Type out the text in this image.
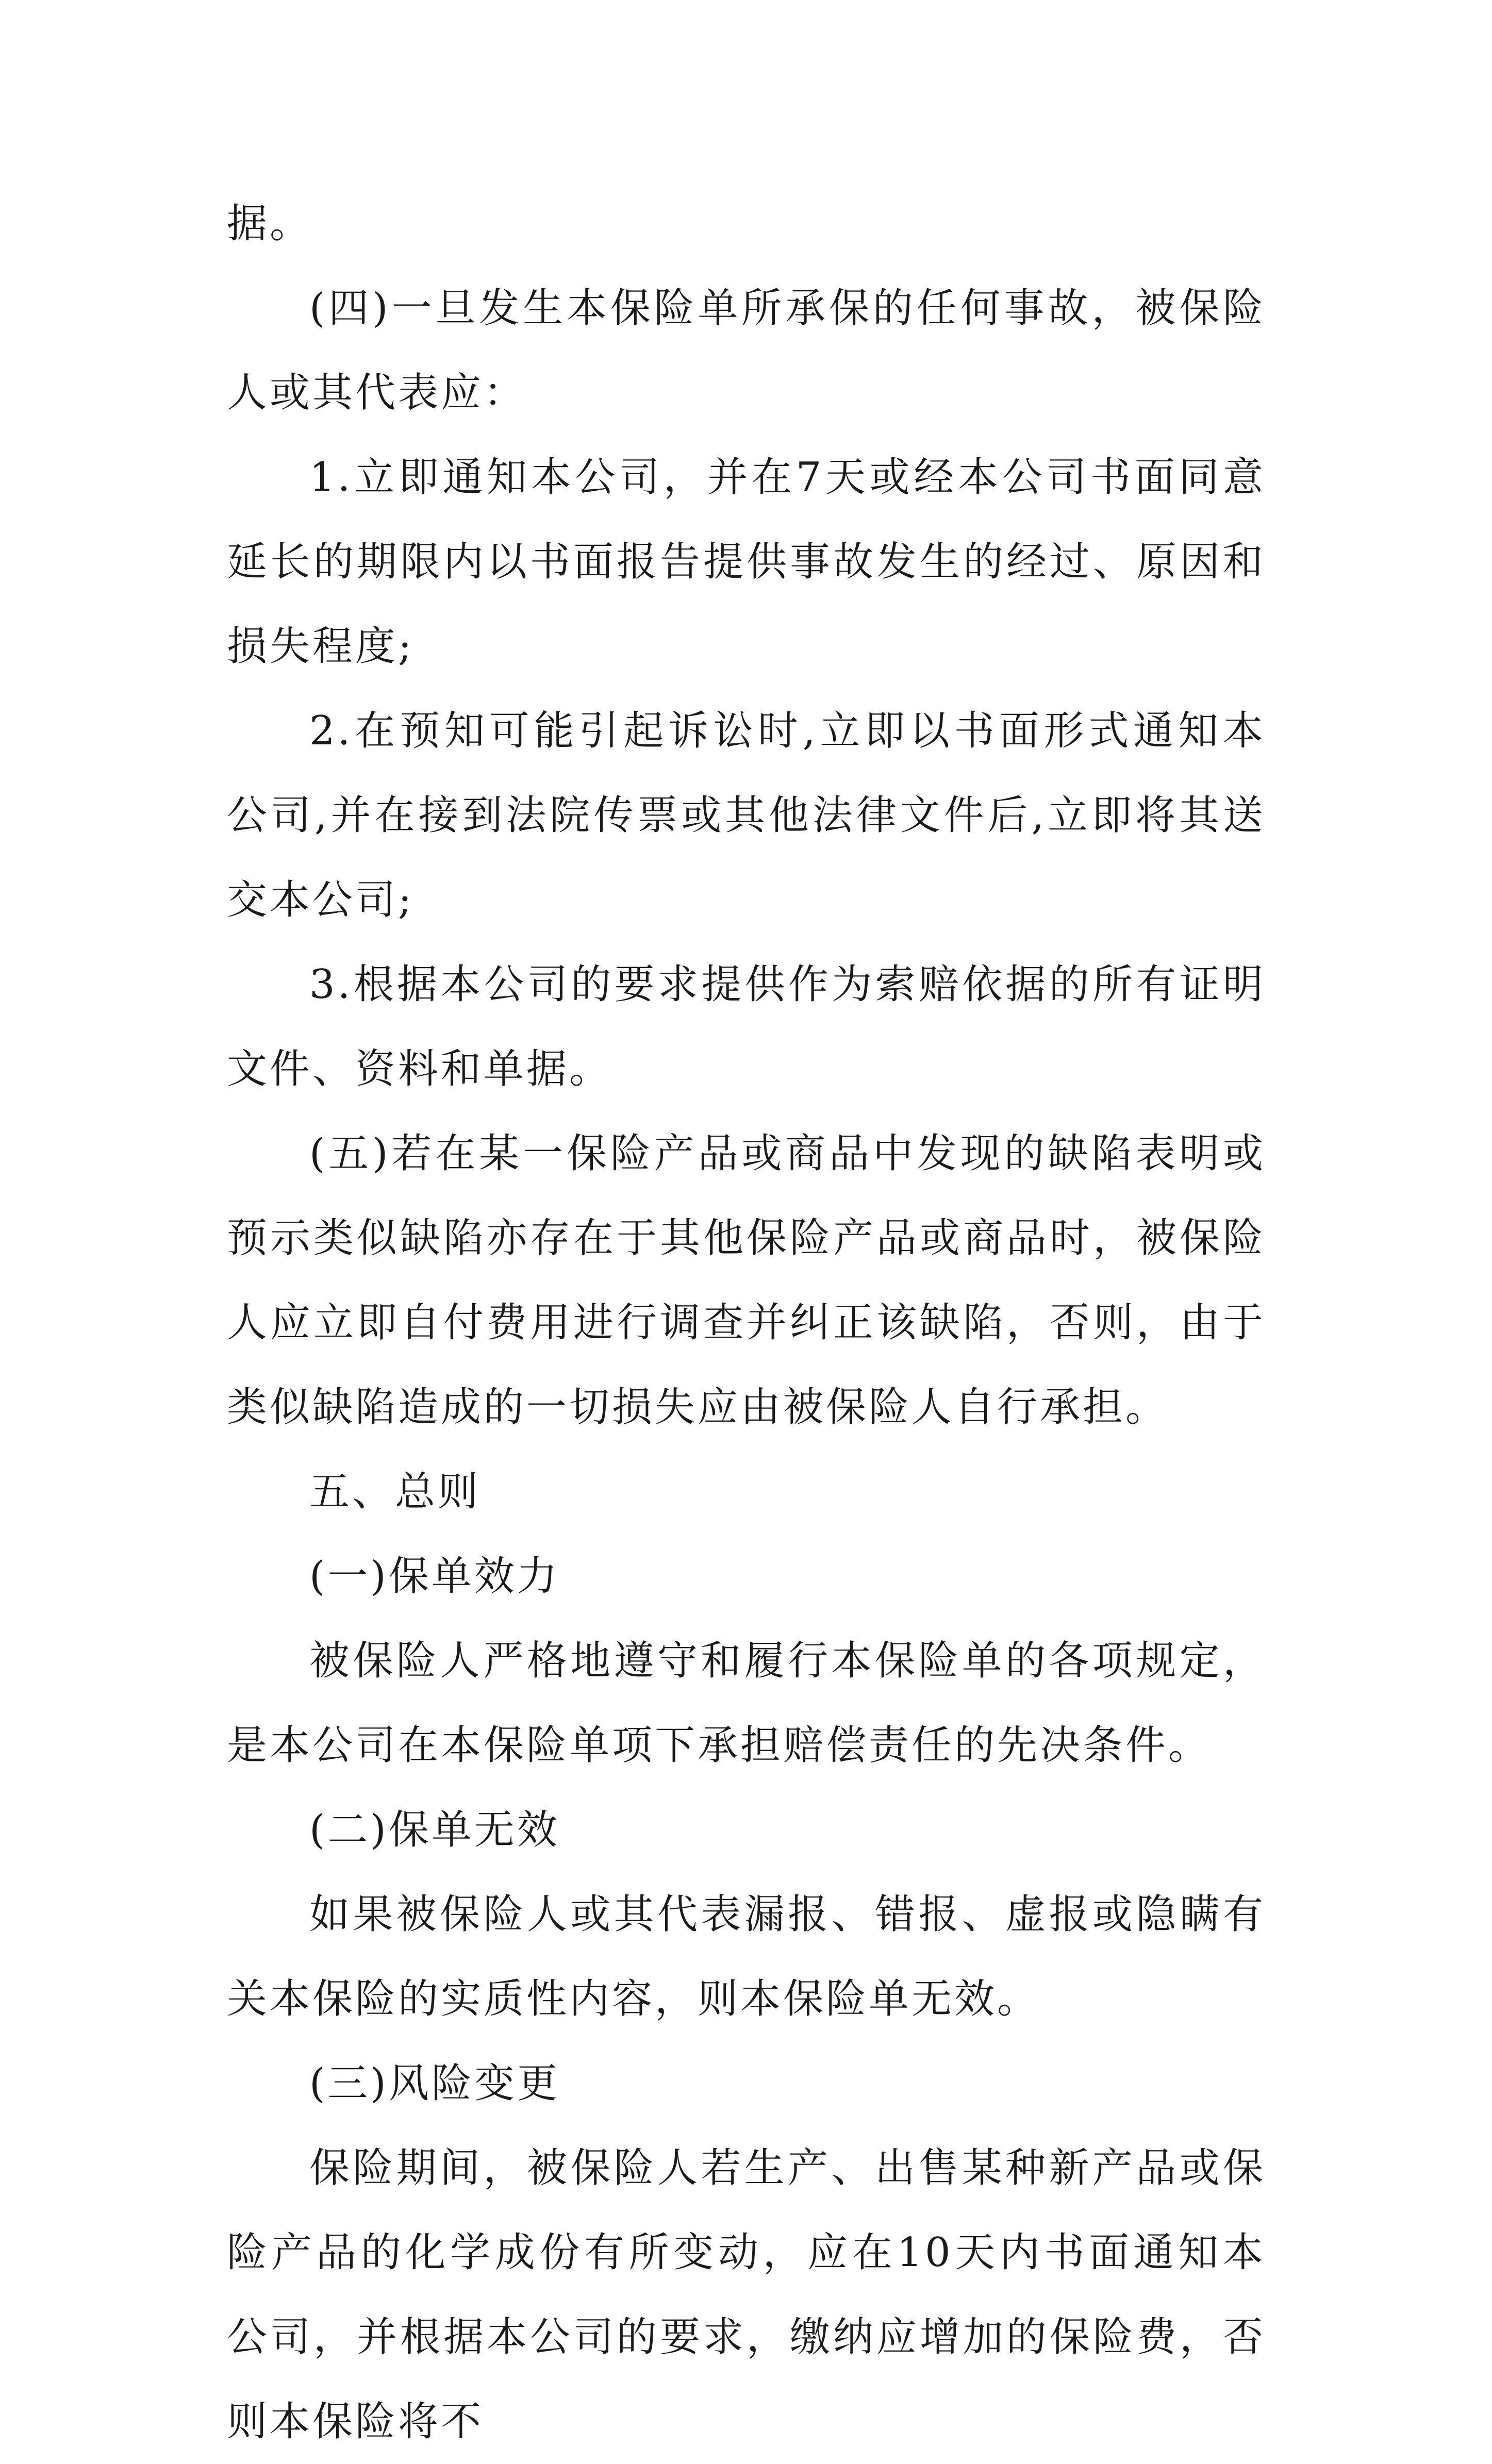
据。

(四)一旦发生本保险单所承保的任何事故，被保险人或其代表应：

1.立即通知本公司，并在7天或经本公司书面同意延长的期限内以书面报告提供事故发生的经过、原因和损失程度;

2.在预知可能引起诉讼时,立即以书面形式通知本公司,并在接到法院传票或其他法律文件后,立即将其送交本公司;

3.根据本公司的要求提供作为索赔依据的所有证明文件、资料和单据。

(五)若在某一保险产品或商品中发现的缺陷表明或预示类似缺陷亦存在于其他保险产品或商品时，被保险人应立即自付费用进行调查并纠正该缺陷，否则，由于类似缺陷造成的一切损失应由被保险人自行承担。

五、总则

(一)保单效力

被保险人严格地遵守和履行本保险单的各项规定，是本公司在本保险单项下承担赔偿责任的先决条件。

(二)保单无效

如果被保险人或其代表漏报、错报、虚报或隐瞒有关本保险的实质性内容，则本保险单无效。

(三)风险变更

保险期间，被保险人若生产、出售某种新产品或保险产品的化学成份有所变动，应在10天内书面通知本公司，并根据本公司的要求，缴纳应增加的保险费，否则本保险将不
